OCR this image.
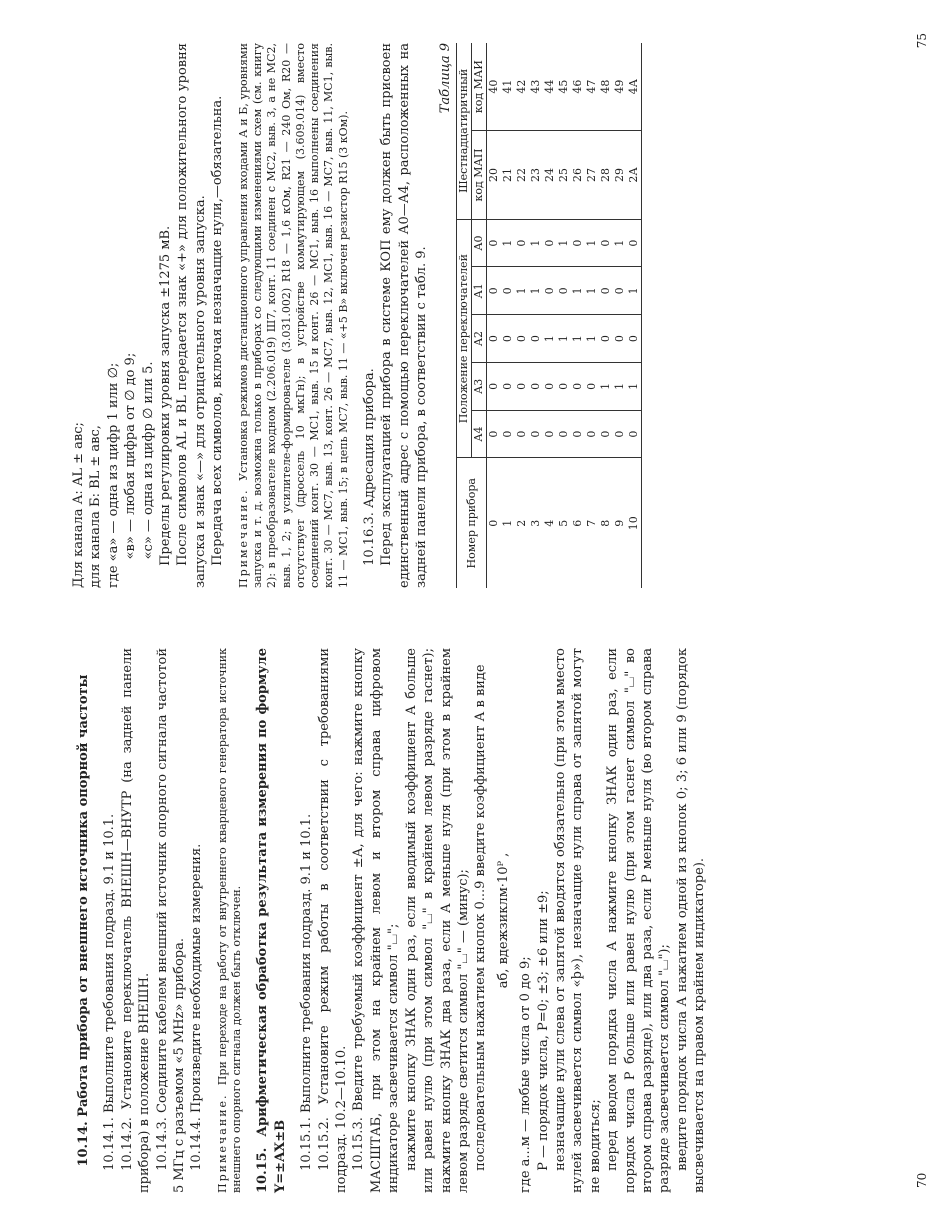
10.14. Работа прибора от внешнего источника опорной частоты 10.14.1. Выполните требования подразд. 9.1 и 10.1. 10.14.2. Установите переключатель ВНЕШН—ВНУТР (на задней панели прибора) в положение ВНЕШН. 10.14.3. Соедините кабелем внешний источник опорного сигнала частотой 5 МГц с разъемом «5 MHz» прибора. 10.14.4. Произведите необходимые измерения. Примечание. При переходе на работу от внутреннего кварцевого генератора источник внешнего опорного сигнала должен быть отключен. 10.15. Арифметическая обработка результата измерения по формуле Y=±AX±B 10.15.1. Выполните требования подразд. 9.1 и 10.1. 10.15.2. Установите режим работы в соответствии с требованиями подразд. 10.2—10.10. 10.15.3. Введите требуемый коэффициент ±А, для чего: нажмите кнопку МАСШТАБ, при этом на крайнем левом и втором справа цифровом индикаторе засвечивается символ "⌴"; нажмите кнопку ЗНАК один раз, если вводимый коэффициент А больше или равен нулю (при этом символ "⌴" в крайнем левом разряде гаснет); нажмите кнопку ЗНАК два раза, если А меньше нуля (при этом в крайнем левом разряде светится символ "⌴" — (минус); последовательным нажатием кнопок 0...9 введите коэффициент А в виде аб, вдежзиклм·10ᴾ ,

где а...м — любые числа от 0 до 9; Р — порядок числа, Р=0; ±3; ±6 или ±9; незначащие нули слева от запятой вводятся обязательно (при этом вместо нулей засвечивается символ «þ»), незначащие нули справа от запятой могут не вводиться; перед вводом порядка числа А нажмите кнопку ЗНАК один раз, если порядок числа Р больше или равен нулю (при этом гаснет символ "⌴" во втором справа разряде), или два раза, если Р меньше нуля (во втором справа разряде засвечивается символ "⌴"); введите порядок числа А нажатием одной из кнопок 0; 3; 6 или 9 (порядок высвечивается на правом крайнем индикаторе).	70

Для канала А: AL ± авс; для канала Б: BL ± авс, где «а» — одна из цифр 1 или ∅; «в» — любая цифра от ∅ до 9; «с» — одна из цифр ∅ или 5. Пределы регулировки уровня запуска ±1275 мВ. После символов AL и BL передается знак «+» для положительного уровня запуска и знак «—» для отрицательного уровня запуска. Передача всех символов, включая незначащие нули,—обязательна. Примечание. Установка режимов дистанционного управления входами А и Б, уровнями запуска и т. д. возможна только в приборах со следующими изменениями схем (см. книгу 2): в преобразователе входном (2.206.019) Ш7, конт. 11 соединен с МС2, выв. 3, а не МС2, выв. 1, 2; в усилителе-формирователе (3.031.002) R18 — 1,6 кОм, R21 — 240 Ом, R20 — отсутствует (дроссель 10 мкГн); в устройстве коммутирующем (3.609.014) вместо соединений конт. 30 — МС1, выв. 15 и конт. 26 — МС1, выв. 16 выполнены соединения конт. 30 — МС7, выв. 13, конт. 26 — МС7, выв. 12, МС1, выв. 16 — МС7, выв. 11, МС1, выв. 11 — МС1, выв. 15; в цепь МС7, выв. 11 — «+5 В» включен резистор R15 (3 кОм). 10.16.3. Адресация прибора. Перед эксплуатацией прибора в системе КОП ему должен быть присвоен единственный адрес с помощью переключателей А0—А4, расположенных на задней панели прибора, в соответствии с табл. 9.

Таблица 9

Номер прибора	Положение переключателей					Шестнадцатиричный	
	А4	А3	А2	А1	А0	код МАП	код МАИ
0	0	0	0	0	0	20	40
1	0	0	0	0	1	21	41
2	0	0	0	1	0	22	42
3	0	0	0	1	1	23	43
4	0	0	1	0	0	24	44
5	0	0	1	0	1	25	45
6	0	0	1	1	0	26	46
7	0	0	1	1	1	27	47
8	0	1	0	0	0	28	48
9	0	1	0	0	1	29	49
10	0	1	0	1	0	2А	4А
75
